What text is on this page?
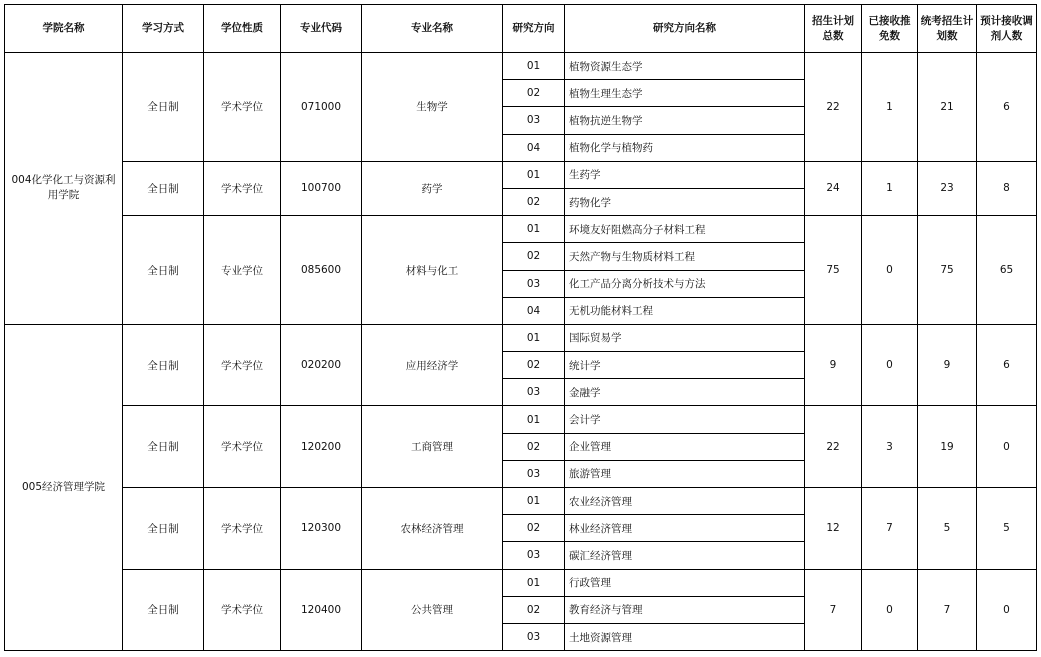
学院名称	学习方式	学位性质	专业代码	专业名称	研究方向	研究方向名称	招生计划总数	已接收推免数	统考招生计划数	预计接收调剂人数
004化学化工与资源利用学院	全日制	学术学位	071000	生物学	01	植物资源生态学	22	1	21	6
					02	植物生理生态学				
					03	植物抗逆生物学				
					04	植物化学与植物药				
	全日制	学术学位	100700	药学	01	生药学	24	1	23	8
					02	药物化学				
	全日制	专业学位	085600	材料与化工	01	环境友好阻燃高分子材料工程	75	0	75	65
					02	天然产物与生物质材料工程				
					03	化工产品分离分析技术与方法				
					04	无机功能材料工程				
005经济管理学院	全日制	学术学位	020200	应用经济学	01	国际贸易学	9	0	9	6
					02	统计学				
					03	金融学				
	全日制	学术学位	120200	工商管理	01	会计学	22	3	19	0
					02	企业管理				
					03	旅游管理				
	全日制	学术学位	120300	农林经济管理	01	农业经济管理	12	7	5	5
					02	林业经济管理				
					03	碳汇经济管理				
	全日制	学术学位	120400	公共管理	01	行政管理	7	0	7	0
					02	教育经济与管理				
					03	土地资源管理				
